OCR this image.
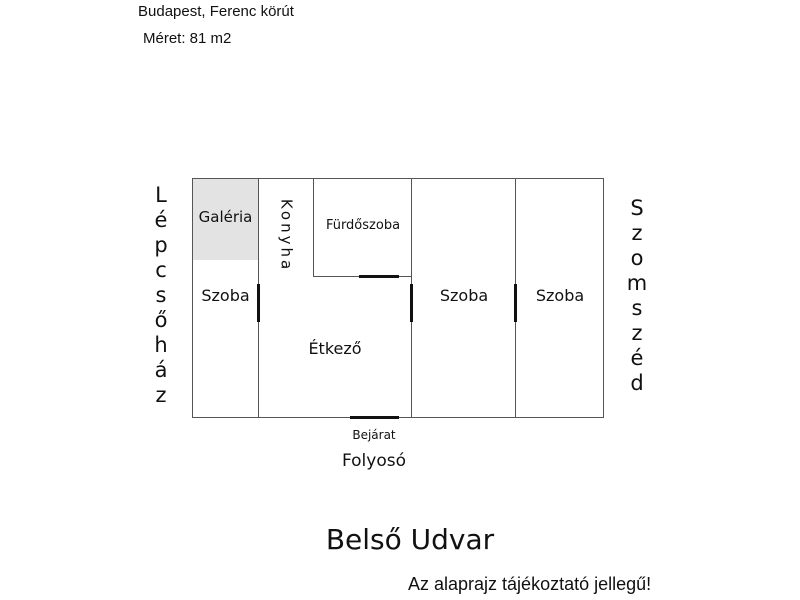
Budapest, Ferenc körút
Méret: 81 m2
Galéria	Fürdőszoba
Szoba
Étkező
Szoba	Szoba
Konyha
L
é
p
c
s
ő
h
á
z
S
z
o
m
s
z
é
d
Bejárat
Folyosó
Belső Udvar
Az alaprajz tájékoztató jellegű!
